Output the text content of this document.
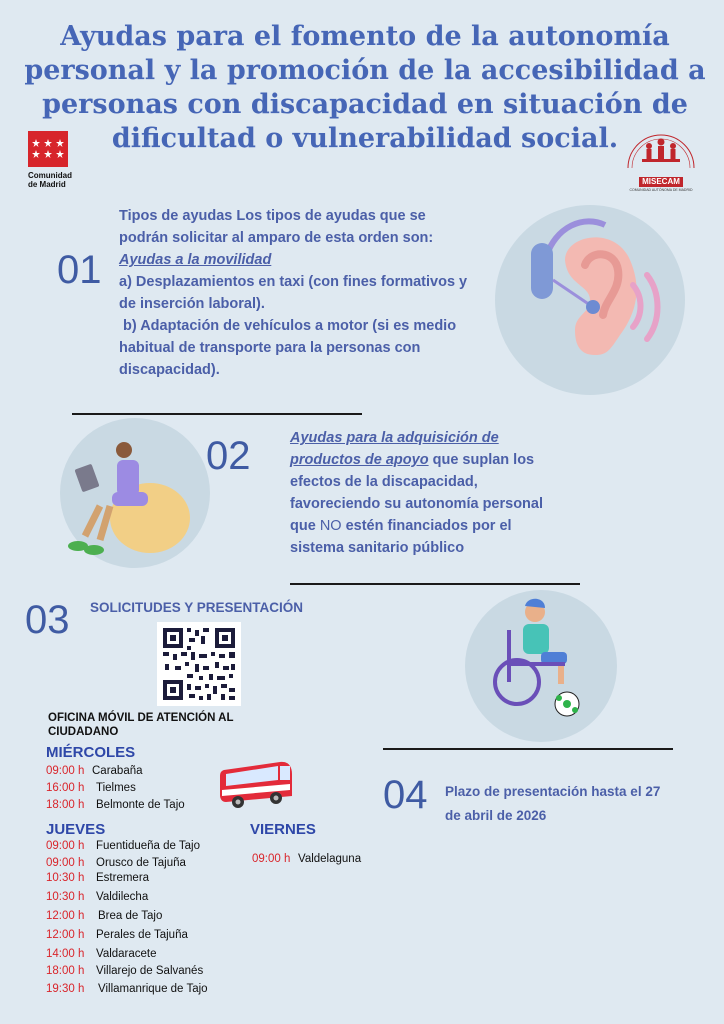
Ayudas para el fomento de la autonomía personal y la promoción de la accesibilidad a personas con discapacidad en situación de dificultad o vulnerabilidad social.
Comunidad
de Madrid	MISECAM
COMUNIDAD AUTÓNOMA DE MADRID
01
Tipos de ayudas Los tipos de ayudas que se podrán solicitar al amparo de esta orden son:
Ayudas a la movilidad
a) Desplazamientos en taxi (con fines formativos y de inserción laboral).
b) Adaptación de vehículos a motor (si es medio habitual de transporte para la personas con discapacidad).
02	Ayudas para la adquisición de productos de apoyo que suplan los efectos de la discapacidad, favoreciendo su autonomía personal que NO estén financiados por el sistema sanitario público
03 SOLICITUDES Y PRESENTACIÓN
OFICINA MÓVIL DE ATENCIÓN AL CIUDADANO
MIÉRCOLES
09:00 h Carabaña
16:00 h Tielmes
18:00 h Belmonte de Tajo
JUEVES
09:00 h Fuentidueña de Tajo
09:00 h Orusco de Tajuña
10:30 h Estremera
10:30 h Valdilecha
12:00 h Brea de Tajo
12:00 h Perales de Tajuña
14:00 h Valdaracete
18:00 h Villarejo de Salvanés
19:30 h Villamanrique de Tajo
VIERNES
09:00 h Valdelaguna
04 Plazo de presentación hasta el 27 de abril de 2026
